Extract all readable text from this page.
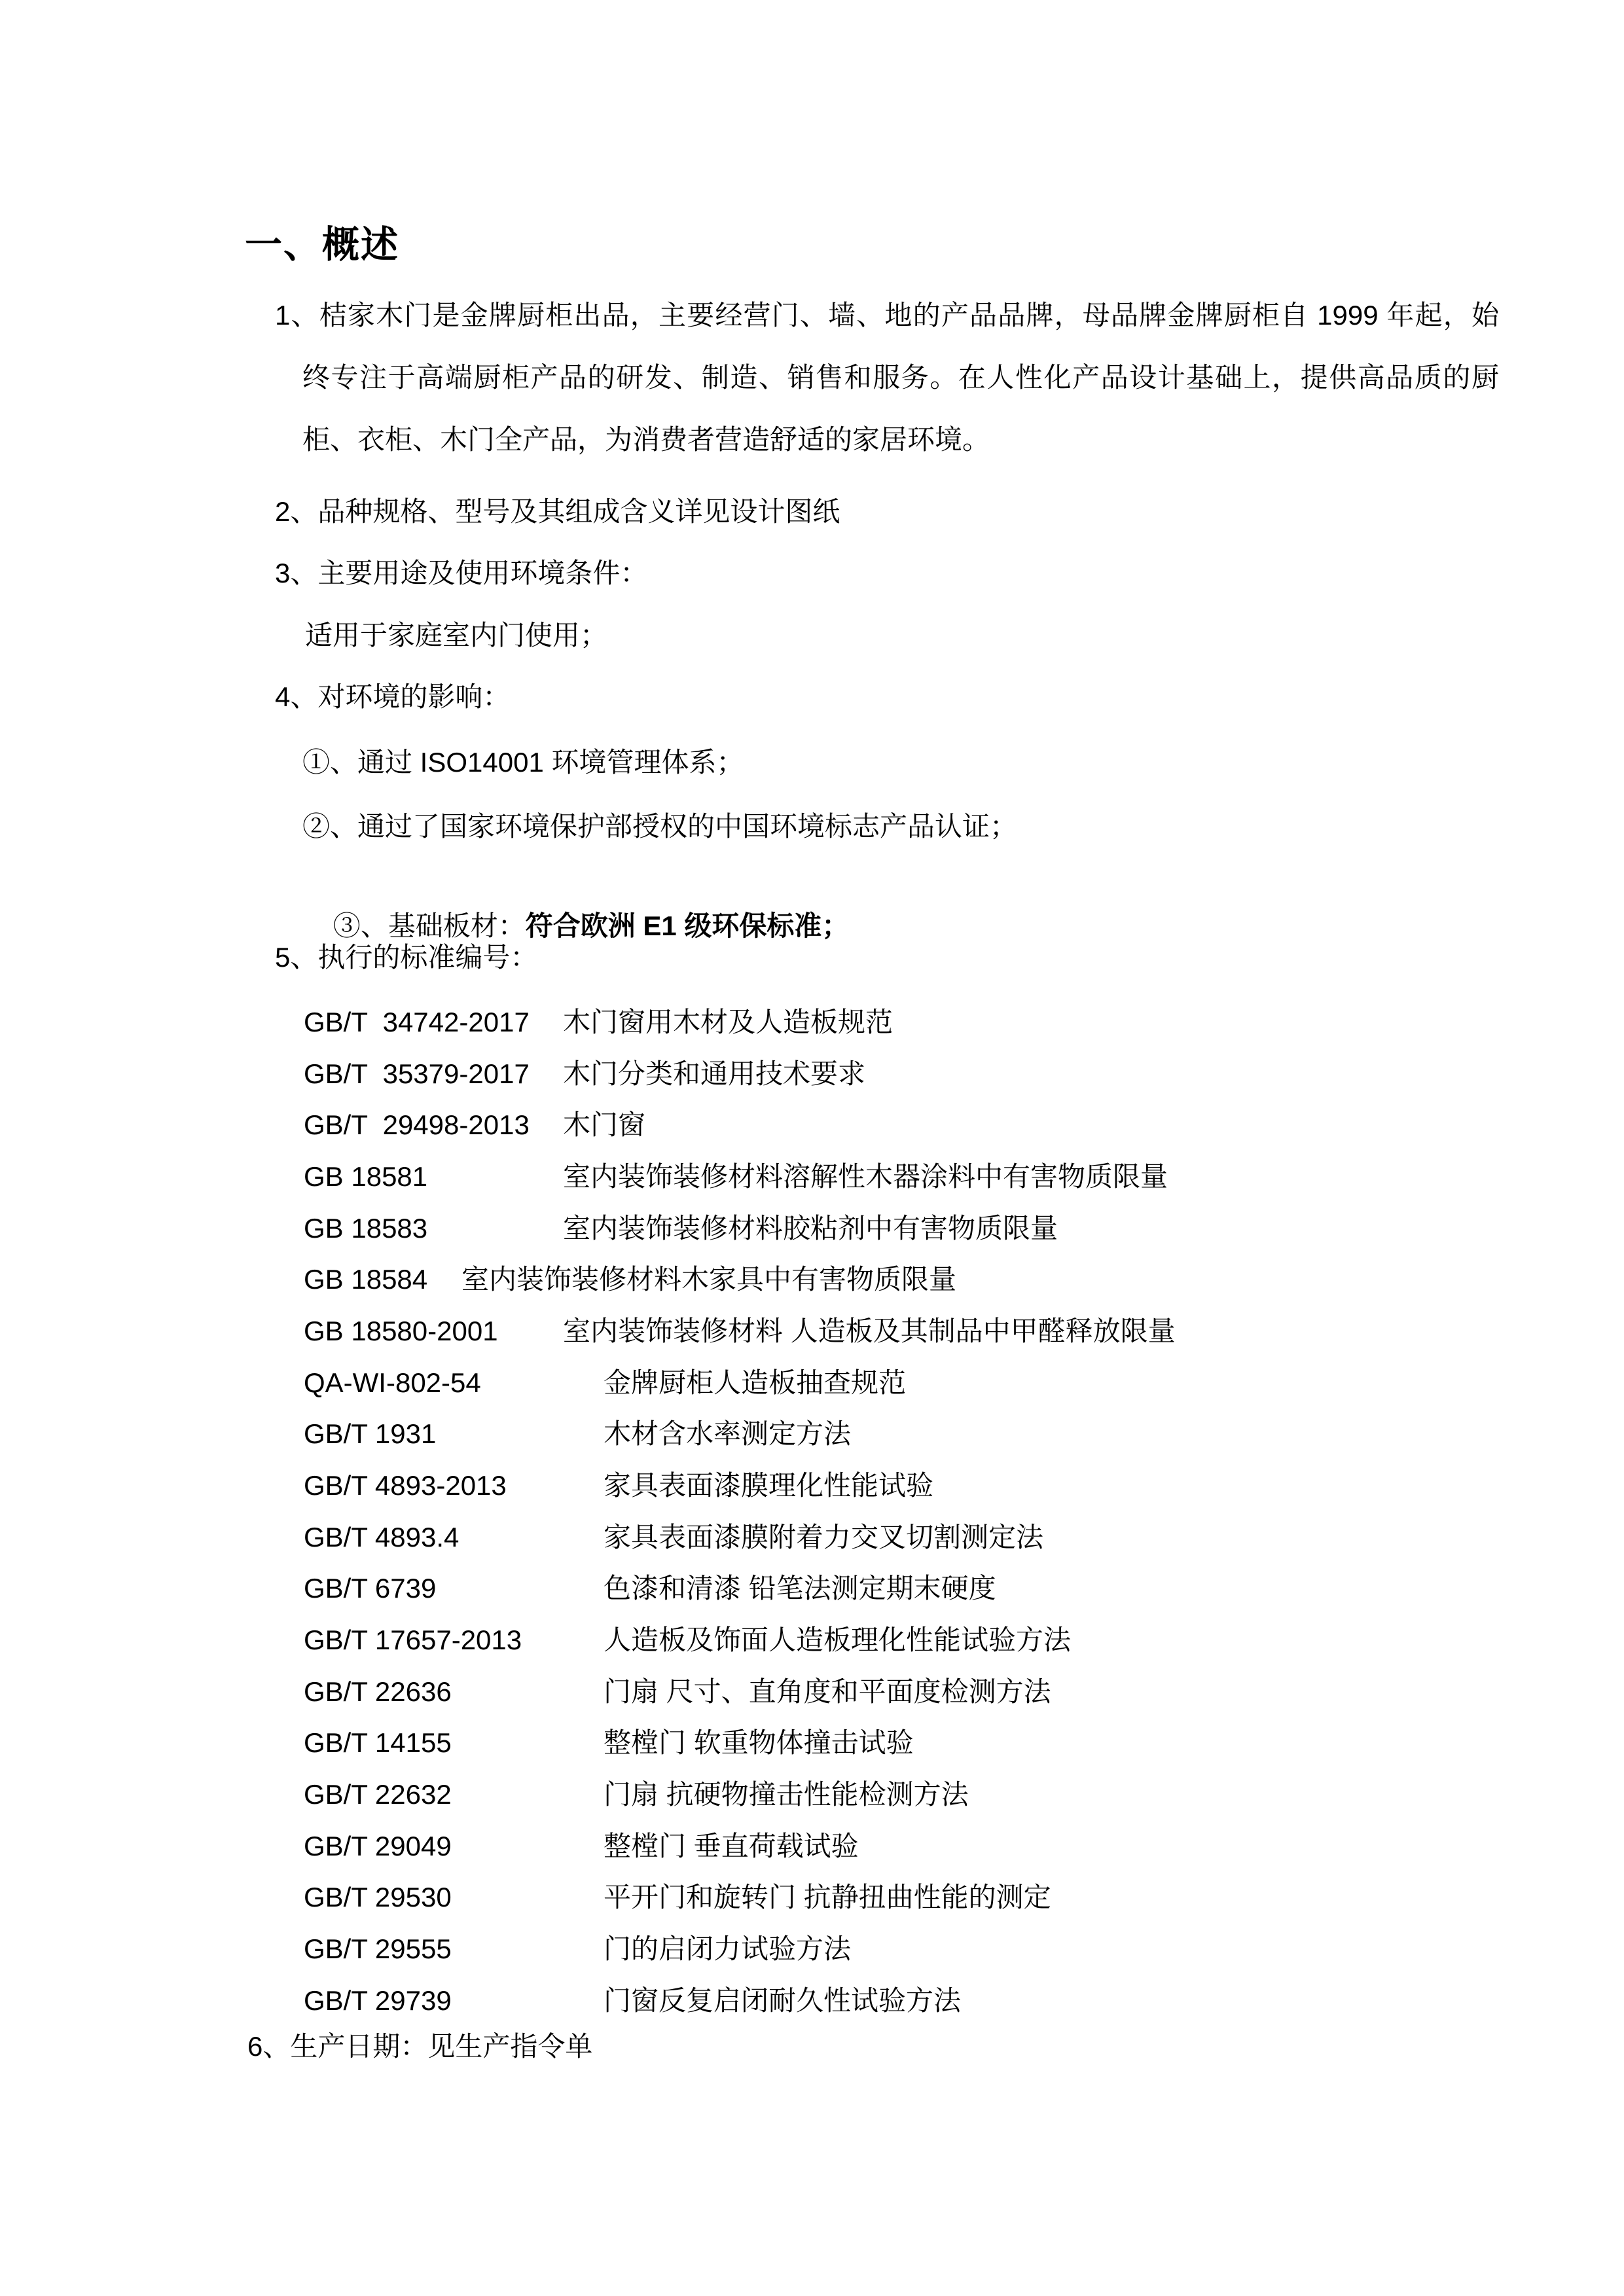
一、概述
1、桔家木门是金牌厨柜出品，主要经营门、墙、地的产品品牌，母品牌金牌厨柜自 1999 年起，始
终专注于高端厨柜产品的研发、制造、销售和服务。在人性化产品设计基础上，提供高品质的厨
柜、衣柜、木门全产品，为消费者营造舒适的家居环境。
2、品种规格、型号及其组成含义详见设计图纸
3、主要用途及使用环境条件：
适用于家庭室内门使用；
4、对环境的影响：
①、通过 ISO14001 环境管理体系；
②、通过了国家环境保护部授权的中国环境标志产品认证；

③、基础板材：符合欧洲 E1 级环保标准；

5、执行的标准编号：
GB/T  34742-2017 木门窗用木材及人造板规范
GB/T  35379-2017 木门分类和通用技术要求
GB/T  29498-2013 木门窗
GB 18581	室内装饰装修材料溶解性木器涂料中有害物质限量
GB 18583	室内装饰装修材料胶粘剂中有害物质限量
GB 18584 室内装饰装修材料木家具中有害物质限量
GB 18580-2001 室内装饰装修材料 人造板及其制品中甲醛释放限量
QA-WI-802-54	金牌厨柜人造板抽查规范
GB/T 1931	木材含水率测定方法
GB/T 4893-2013	家具表面漆膜理化性能试验
GB/T 4893.4	家具表面漆膜附着力交叉切割测定法
GB/T 6739	色漆和清漆 铅笔法测定期末硬度
GB/T 17657-2013	人造板及饰面人造板理化性能试验方法
GB/T 22636	门扇 尺寸、直角度和平面度检测方法
GB/T 14155	整樘门 软重物体撞击试验
GB/T 22632	门扇 抗硬物撞击性能检测方法
GB/T 29049	整樘门 垂直荷载试验
GB/T 29530	平开门和旋转门 抗静扭曲性能的测定
GB/T 29555	门的启闭力试验方法
GB/T 29739	门窗反复启闭耐久性试验方法
6、生产日期：见生产指令单
